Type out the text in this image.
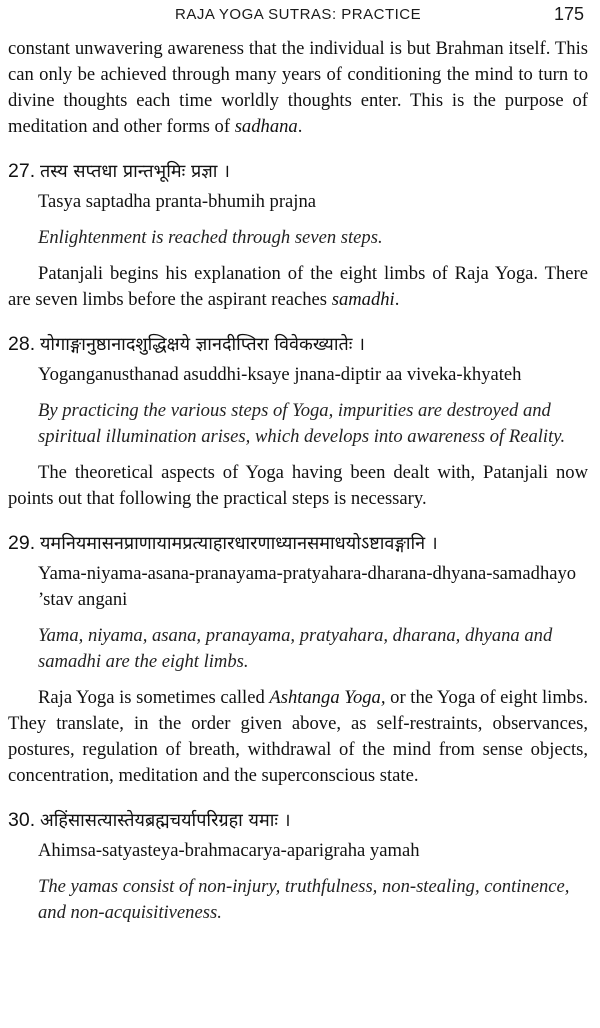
RAJA YOGA SUTRAS: PRACTICE	175

constant unwavering awareness that the individual is but Brahman itself. This can only be achieved through many years of conditioning the mind to turn to divine thoughts each time worldly thoughts enter. This is the purpose of meditation and other forms of sadhana.

27. तस्य सप्तधा प्रान्तभूमिः प्रज्ञा ।

Tasya saptadha pranta-bhumih prajna

Enlightenment is reached through seven steps.

Patanjali begins his explanation of the eight limbs of Raja Yoga. There are seven limbs before the aspirant reaches samadhi.

28. योगाङ्गानुष्ठानादशुद्धिक्षये ज्ञानदीप्तिरा विवेकख्यातेः ।

Yoganganusthanad asuddhi-ksaye jnana-diptir aa viveka-khyateh

By practicing the various steps of Yoga, impurities are destroyed and spiritual illumination arises, which develops into awareness of Reality.

The theoretical aspects of Yoga having been dealt with, Patanjali now points out that following the practical steps is necessary.

29. यमनियमासनप्राणायामप्रत्याहारधारणाध्यानसमाधयोऽष्टावङ्गानि ।

Yama-niyama-asana-pranayama-pratyahara-dharana-dhyana-samadhayo ’stav angani

Yama, niyama, asana, pranayama, pratyahara, dharana, dhyana and samadhi are the eight limbs.

Raja Yoga is sometimes called Ashtanga Yoga, or the Yoga of eight limbs. They translate, in the order given above, as self-restraints, observances, postures, regulation of breath, withdrawal of the mind from sense objects, concentration, meditation and the superconscious state.

30. अहिंसासत्यास्तेयब्रह्मचर्यापरिग्रहा यमाः ।

Ahimsa-satyasteya-brahmacarya-aparigraha yamah

The yamas consist of non-injury, truthfulness, non-stealing, continence, and non-acquisitiveness.
